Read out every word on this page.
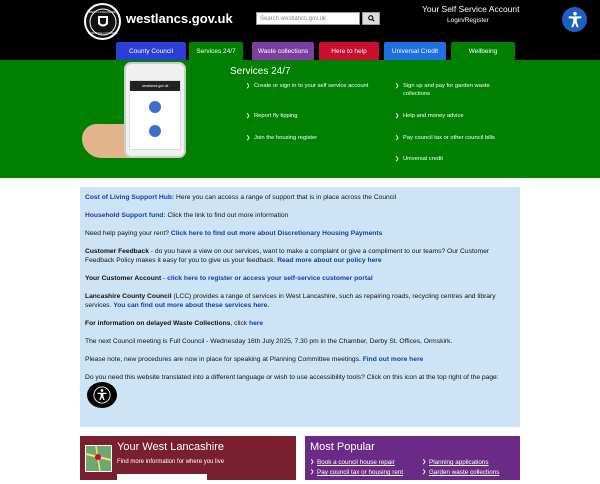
WEST LANCASHIRE
BOROUGH COUNCIL
westlancs.gov.uk	Search westlancs.gov.uk
Your Self Service Account
Login/Register
County Council	Services 24/7	Waste collections	Here to help	Universal Credit	Wellbeing
westlancs.gov.uk
Services 24/7
❯ Create or sign in to your self service account
❯ Report fly tipping
❯ Join the housing register
❯ Sign up and pay for garden waste collections
❯ Help and money advice
❯ Pay council tax or other council bills
❯ Universal credit

Cost of Living Support Hub: Here you can access a range of support that is in place across the Council

Household Support fund: Click the link to find out more information

Need help paying your rent? Click here to find out more about Discretionary Housing Payments

Customer Feedback - do you have a view on our services, want to make a complaint or give a compliment to our teams? Our Customer Feedback Policy makes it easy for you to give us your feedback. Read more about our policy here

Your Customer Account - click here to register or access your self-service customer portal

Lancashire County Council (LCC) provides a range of services in West Lancashire, such as repairing roads, recycling centres and library services. You can find out more about these services here.

For information on delayed Waste Collections, click here

The next Council meeting is Full Council - Wednesday 16th July 2025, 7.30 pm in the Chamber, Derby St. Offices, Ormskirk.

Please note, new procedures are now in place for speaking at Planning Committee meetings. Find out more here

Do you need this website translated into a different language or wish to use accessibility tools? Click on this icon at the top right of the page:

Your West Lancashire
Find more information for where you live
Most Popular
❯ Book a council house repair
❯ Pay council tax or housing rent
❯ Planning applications
❯ Garden waste collections
